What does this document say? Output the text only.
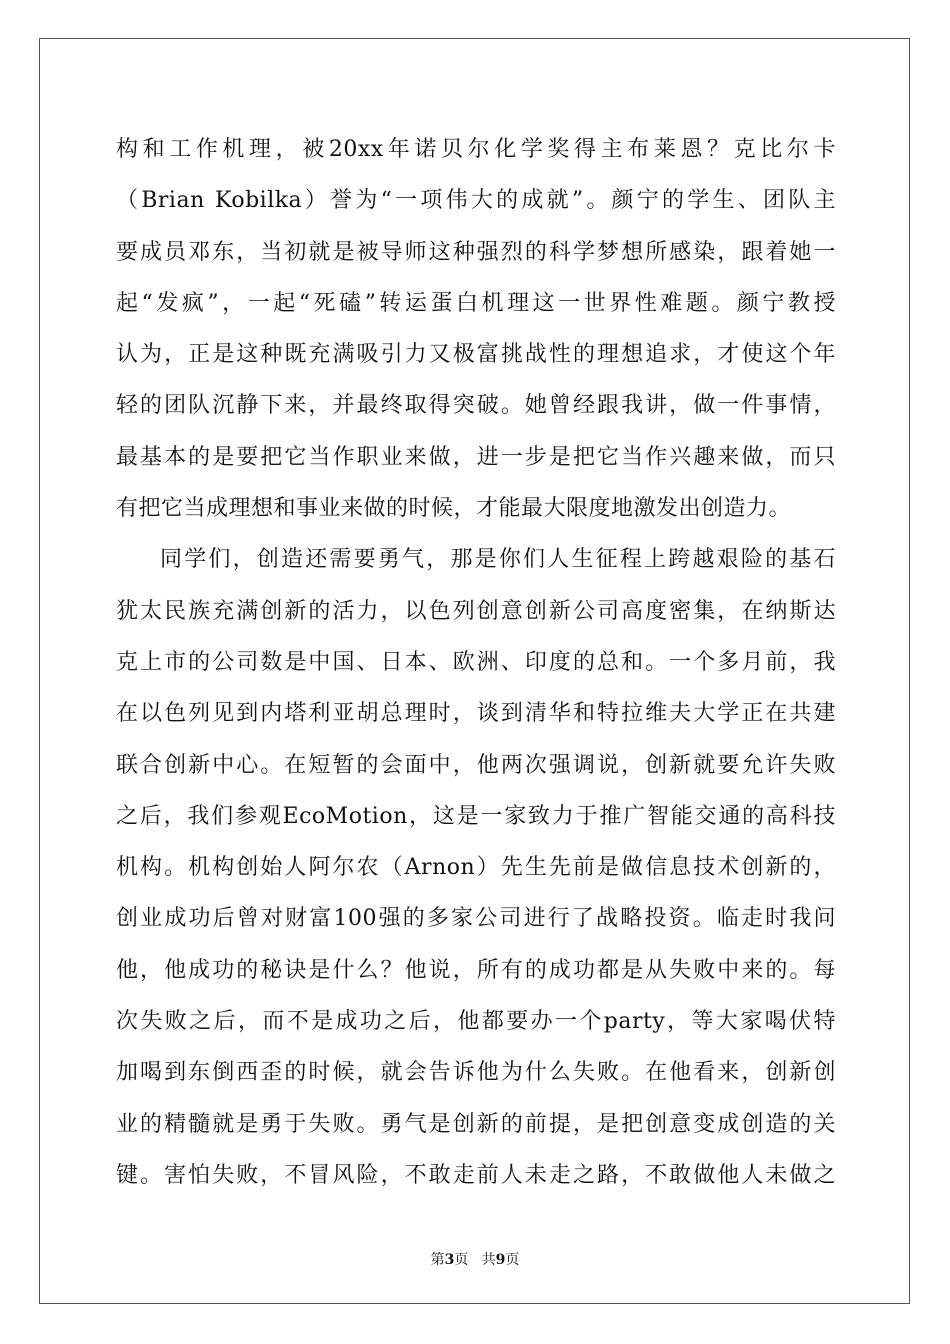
构和工作机理，被20xx年诺贝尔化学奖得主布莱恩？克比尔卡
（Brian Kobilka）誉为“一项伟大的成就”。颜宁的学生、团队主
要成员邓东，当初就是被导师这种强烈的科学梦想所感染，跟着她一
起“发疯”，一起“死磕”转运蛋白机理这一世界性难题。颜宁教授
认为，正是这种既充满吸引力又极富挑战性的理想追求，才使这个年
轻的团队沉静下来，并最终取得突破。她曾经跟我讲，做一件事情，
最基本的是要把它当作职业来做，进一步是把它当作兴趣来做，而只
有把它当成理想和事业来做的时候，才能最大限度地激发出创造力。
同学们，创造还需要勇气，那是你们人生征程上跨越艰险的基石
犹太民族充满创新的活力，以色列创意创新公司高度密集，在纳斯达
克上市的公司数是中国、日本、欧洲、印度的总和。一个多月前，我
在以色列见到内塔利亚胡总理时，谈到清华和特拉维夫大学正在共建
联合创新中心。在短暂的会面中，他两次强调说，创新就要允许失败
之后，我们参观EcoMotion，这是一家致力于推广智能交通的高科技
机构。机构创始人阿尔农（Arnon）先生先前是做信息技术创新的，
创业成功后曾对财富100强的多家公司进行了战略投资。临走时我问
他，他成功的秘诀是什么？他说，所有的成功都是从失败中来的。每
次失败之后，而不是成功之后，他都要办一个party，等大家喝伏特
加喝到东倒西歪的时候，就会告诉他为什么失败。在他看来，创新创
业的精髓就是勇于失败。勇气是创新的前提，是把创意变成创造的关
键。害怕失败，不冒风险，不敢走前人未走之路，不敢做他人未做之
第3页 共9页
